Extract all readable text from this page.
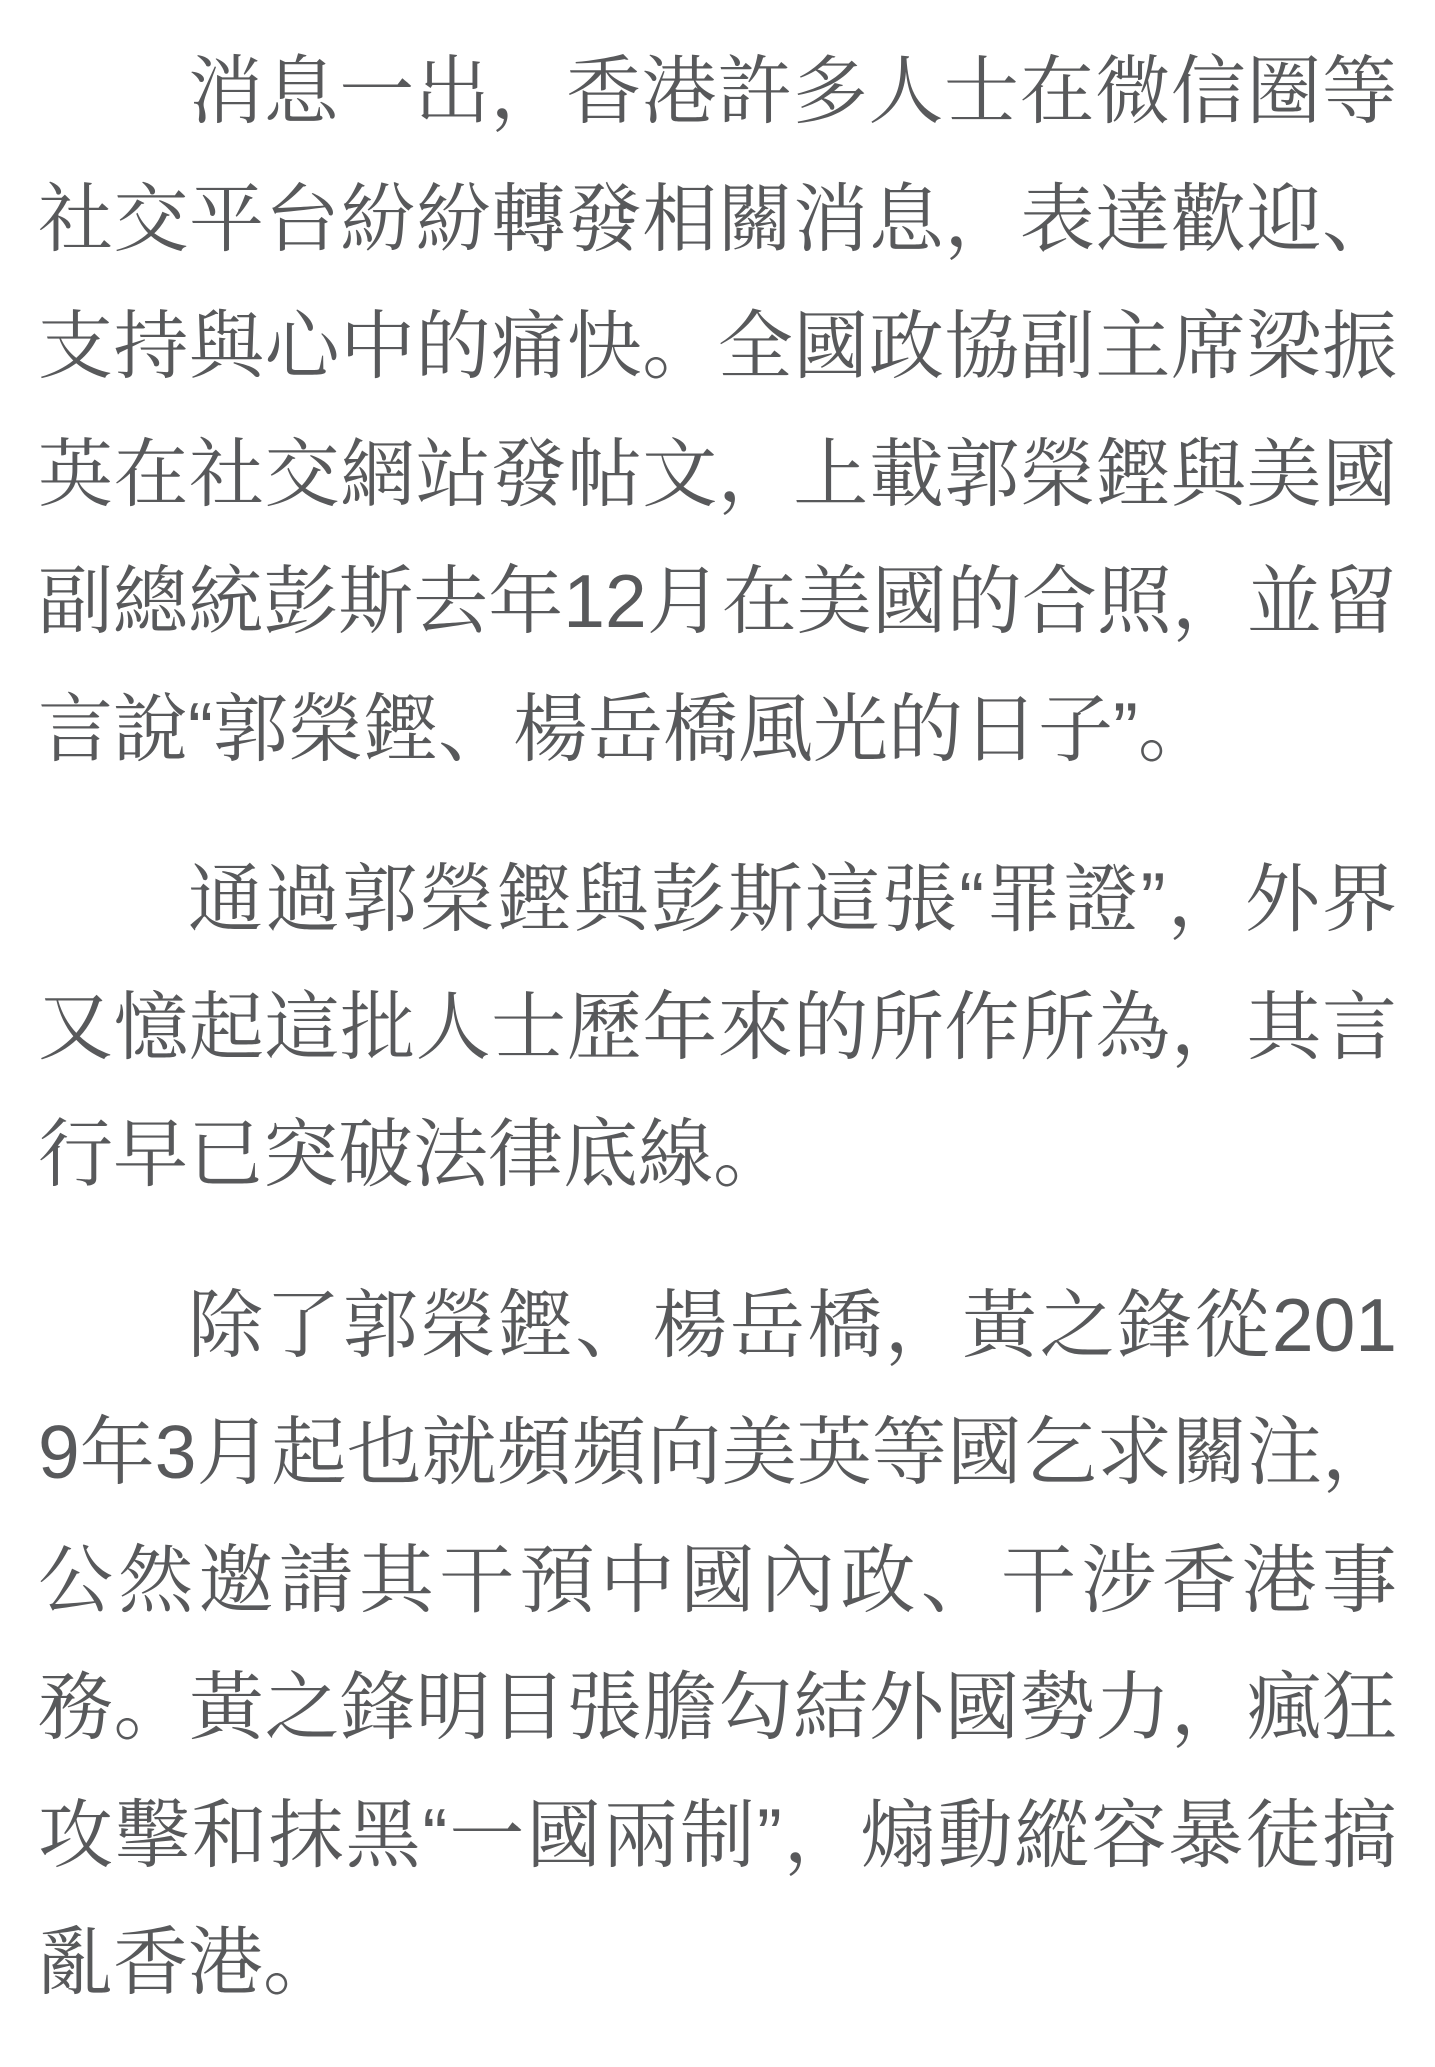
消息一出，香港許多人士在微信圈等社交平台紛紛轉發相關消息，表達歡迎、支持與心中的痛快。全國政協副主席梁振英在社交網站發帖文，上載郭榮鏗與美國副總統彭斯去年12月在美國的合照，並留言說“郭榮鏗、楊岳橋風光的日子”。

通過郭榮鏗與彭斯這張“罪證”，外界又憶起這批人士歷年來的所作所為，其言行早已突破法律底線。

除了郭榮鏗、楊岳橋，黃之鋒從2019年3月起也就頻頻向美英等國乞求關注，公然邀請其干預中國內政、干涉香港事務。黃之鋒明目張膽勾結外國勢力，瘋狂攻擊和抹黑“一國兩制”，煽動縱容暴徒搞亂香港。
